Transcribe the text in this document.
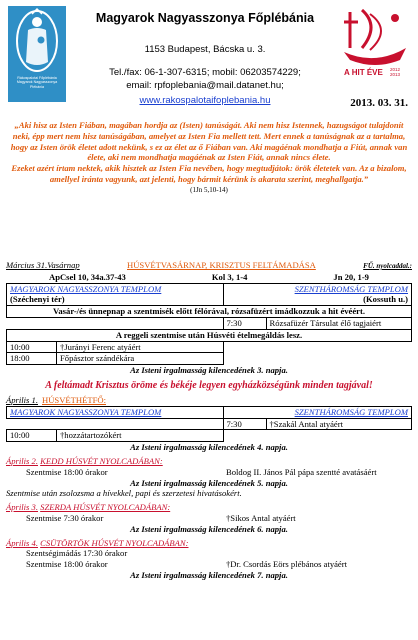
Rákospalotai Főplébánia Magyarok Nagyasszonya Plébánia
A HIT ÉVE 2012
2013
Magyarok Nagyasszonya Főplébánia
1153 Budapest, Bácska u. 3.
Tel./fax: 06-1-307-6315; mobil: 06203574229;
email: rpfoplebania@mail.datanet.hu;
www.rakospalotaifoplebania.hu	2013. 03. 31.
„Aki hisz az Isten Fiában, magában hordja az (Isten) tanúságát. Aki nem hisz Istennek, hazugságot tulajdonít neki, épp mert nem hisz tanúságában, amelyet az Isten Fia mellett tett. Mert ennek a tanúságnak az a tartalma, hogy az Isten örök életet adott nekünk, s ez az élet az ő Fiában van. Aki magáénak mondhatja a Fiút, annak van élete, aki nem mondhatja magáénak az Isten Fiát, annak nincs élete.
Ezeket azért írtam nektek, akik hisztek az Isten Fia nevében, hogy megtudjátok: örök életetek van. Az a bizalom, amellyel iránta vagyunk, azt jelenti, hogy bármit kérünk is akarata szerint, meghallgatja.”
(1Jn 5,10-14)
Március 31.Vasárnap	HÚSVÉTVASÁRNAP, KRISZTUS FELTÁMADÁSA	FŰ. nyolcaddal.:
ApCsel 10, 34a.37-43	Kol 3, 1-4	Jn 20, 1-9
MAGYAROK NAGYASSZONYA TEMPLOM		SZENTHÁROMSÁG TEMPLOM	
(Széchenyi tér)		(Kossuth u.)	
Vasár-/és ünnepnap a szentmisék előtt félórával, rózsafüzért imádkozzuk a hit évéért.			
		7:30	Rózsafüzér Társulat élő tagjaiért
A reggeli szentmise után Húsvéti ételmegáldás lesz.			
10:00	†Jurányi Ferenc atyáért		
18:00	Főpásztor szándékára		
Az Isteni irgalmasság kilencedének 3. napja.
A feltámadt Krisztus öröme és békéje legyen egyházközségünk minden tagjával!
Április 1. HÚSVÉTHÉTFŐ:
MAGYAROK NAGYASSZONYA TEMPLOM		SZENTHÁROMSÁG TEMPLOM	
		7:30	†Szakál Antal atyáért
10:00	†hozzátartozókért		
Az Isteni irgalmasság kilencedének 4. napja.
Április 2. KEDD HÚSVÉT NYOLCADÁBAN:
Szentmise 18:00 órakor	Boldog II. János Pál pápa szentté avatásáért
Az Isteni irgalmasság kilencedének 5. napja.
Szentmise után zsolozsma a hívekkel, papi és szerzetesi hivatásokért.
Április 3. SZERDA HÚSVÉT NYOLCADÁBAN:
Szentmise 7:30 órakor	†Sikos Antal atyáért
Az Isteni irgalmasság kilencedének 6. napja.
Április 4. CSÜTÖRTÖK HÚSVÉT NYOLCADÁBAN:
Szentségimádás 17:30 órakor
Szentmise 18:00 órakor	†Dr. Csordás Eörs plébános atyáért
Az Isteni irgalmasság kilencedének 7. napja.
